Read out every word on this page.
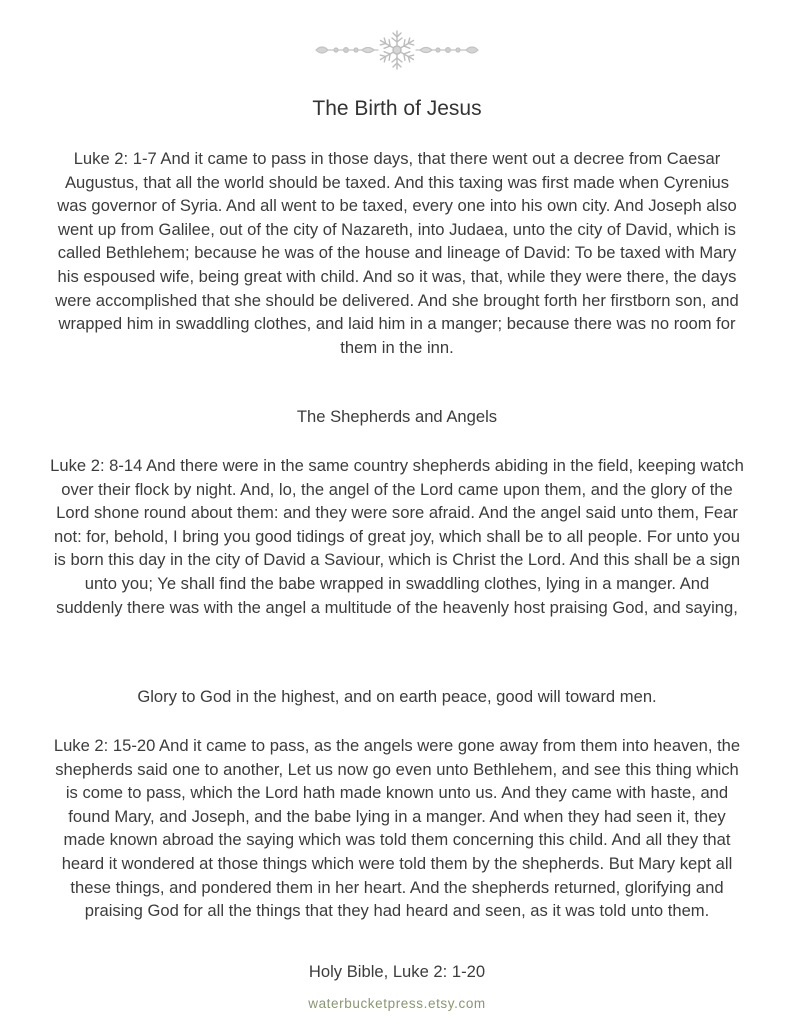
The Birth of Jesus

Luke 2: 1-7 And it came to pass in those days, that there went out a decree from Caesar Augustus, that all the world should be taxed. And this taxing was first made when Cyrenius was governor of Syria. And all went to be taxed, every one into his own city. And Joseph also went up from Galilee, out of the city of Nazareth, into Judaea, unto the city of David, which is called Bethlehem; because he was of the house and lineage of David: To be taxed with Mary his espoused wife, being great with child. And so it was, that, while they were there, the days were accomplished that she should be delivered. And she brought forth her firstborn son, and wrapped him in swaddling clothes, and laid him in a manger; because there was no room for them in the inn.

The Shepherds and Angels

Luke 2: 8-14 And there were in the same country shepherds abiding in the field, keeping watch over their flock by night. And, lo, the angel of the Lord came upon them, and the glory of the Lord shone round about them: and they were sore afraid. And the angel said unto them, Fear not: for, behold, I bring you good tidings of great joy, which shall be to all people. For unto you is born this day in the city of David a Saviour, which is Christ the Lord. And this shall be a sign unto you; Ye shall find the babe wrapped in swaddling clothes, lying in a manger. And suddenly there was with the angel a multitude of the heavenly host praising God, and saying,

Glory to God in the highest, and on earth peace, good will toward men.

Luke 2: 15-20 And it came to pass, as the angels were gone away from them into heaven, the shepherds said one to another, Let us now go even unto Bethlehem, and see this thing which is come to pass, which the Lord hath made known unto us. And they came with haste, and found Mary, and Joseph, and the babe lying in a manger. And when they had seen it, they made known abroad the saying which was told them concerning this child. And all they that heard it wondered at those things which were told them by the shepherds. But Mary kept all these things, and pondered them in her heart. And the shepherds returned, glorifying and praising God for all the things that they had heard and seen, as it was told unto them.

Holy Bible, Luke 2: 1-20

waterbucketpress.etsy.com
